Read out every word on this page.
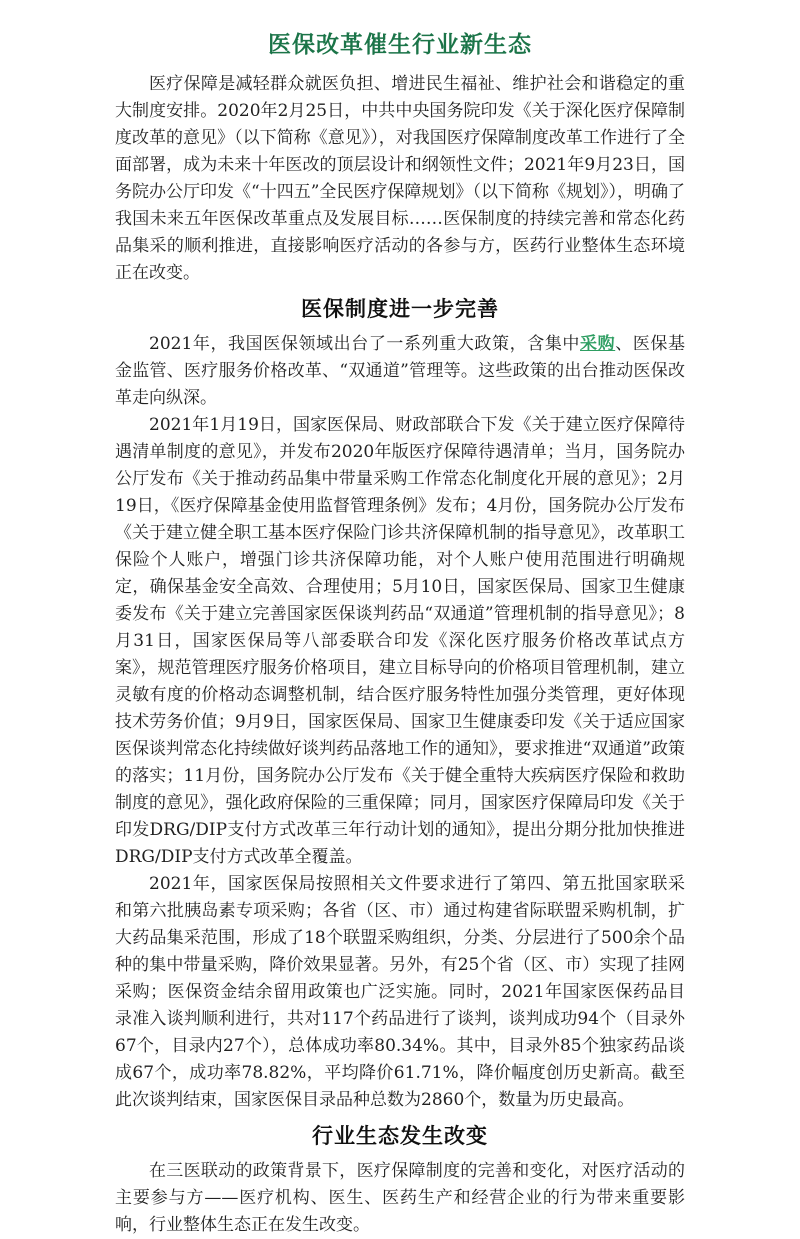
医保改革催生行业新生态

医疗保障是减轻群众就医负担、增进民生福祉、维护社会和谐稳定的重大制度安排。2020年2月25日，中共中央国务院印发《关于深化医疗保障制度改革的意见》（以下简称《意见》），对我国医疗保障制度改革工作进行了全面部署，成为未来十年医改的顶层设计和纲领性文件；2021年9月23日，国务院办公厅印发《“十四五”全民医疗保障规划》（以下简称《规划》），明确了我国未来五年医保改革重点及发展目标……医保制度的持续完善和常态化药品集采的顺利推进，直接影响医疗活动的各参与方，医药行业整体生态环境正在改变。

医保制度进一步完善

2021年，我国医保领域出台了一系列重大政策，含集中采购、医保基金监管、医疗服务价格改革、“双通道”管理等。这些政策的出台推动医保改革走向纵深。

2021年1月19日，国家医保局、财政部联合下发《关于建立医疗保障待遇清单制度的意见》，并发布2020年版医疗保障待遇清单；当月，国务院办公厅发布《关于推动药品集中带量采购工作常态化制度化开展的意见》；2月19日，《医疗保障基金使用监督管理条例》发布；4月份，国务院办公厅发布《关于建立健全职工基本医疗保险门诊共济保障机制的指导意见》，改革职工保险个人账户，增强门诊共济保障功能，对个人账户使用范围进行明确规定，确保基金安全高效、合理使用；5月10日，国家医保局、国家卫生健康委发布《关于建立完善国家医保谈判药品“双通道”管理机制的指导意见》；8月31日，国家医保局等八部委联合印发《深化医疗服务价格改革试点方案》，规范管理医疗服务价格项目，建立目标导向的价格项目管理机制，建立灵敏有度的价格动态调整机制，结合医疗服务特性加强分类管理，更好体现技术劳务价值；9月9日，国家医保局、国家卫生健康委印发《关于适应国家医保谈判常态化持续做好谈判药品落地工作的通知》，要求推进“双通道”政策的落实；11月份，国务院办公厅发布《关于健全重特大疾病医疗保险和救助制度的意见》，强化政府保险的三重保障；同月，国家医疗保障局印发《关于印发DRG/DIP支付方式改革三年行动计划的通知》，提出分期分批加快推进DRG/DIP支付方式改革全覆盖。

2021年，国家医保局按照相关文件要求进行了第四、第五批国家联采和第六批胰岛素专项采购；各省（区、市）通过构建省际联盟采购机制，扩大药品集采范围，形成了18个联盟采购组织，分类、分层进行了500余个品种的集中带量采购，降价效果显著。另外，有25个省（区、市）实现了挂网采购；医保资金结余留用政策也广泛实施。同时，2021年国家医保药品目录准入谈判顺利进行，共对117个药品进行了谈判，谈判成功94个（目录外67个，目录内27个），总体成功率80.34%。其中，目录外85个独家药品谈成67个，成功率78.82%，平均降价61.71%，降价幅度创历史新高。截至此次谈判结束，国家医保目录品种总数为2860个，数量为历史最高。

行业生态发生改变

在三医联动的政策背景下，医疗保障制度的完善和变化，对医疗活动的主要参与方——医疗机构、医生、医药生产和经营企业的行为带来重要影响，行业整体生态正在发生改变。
